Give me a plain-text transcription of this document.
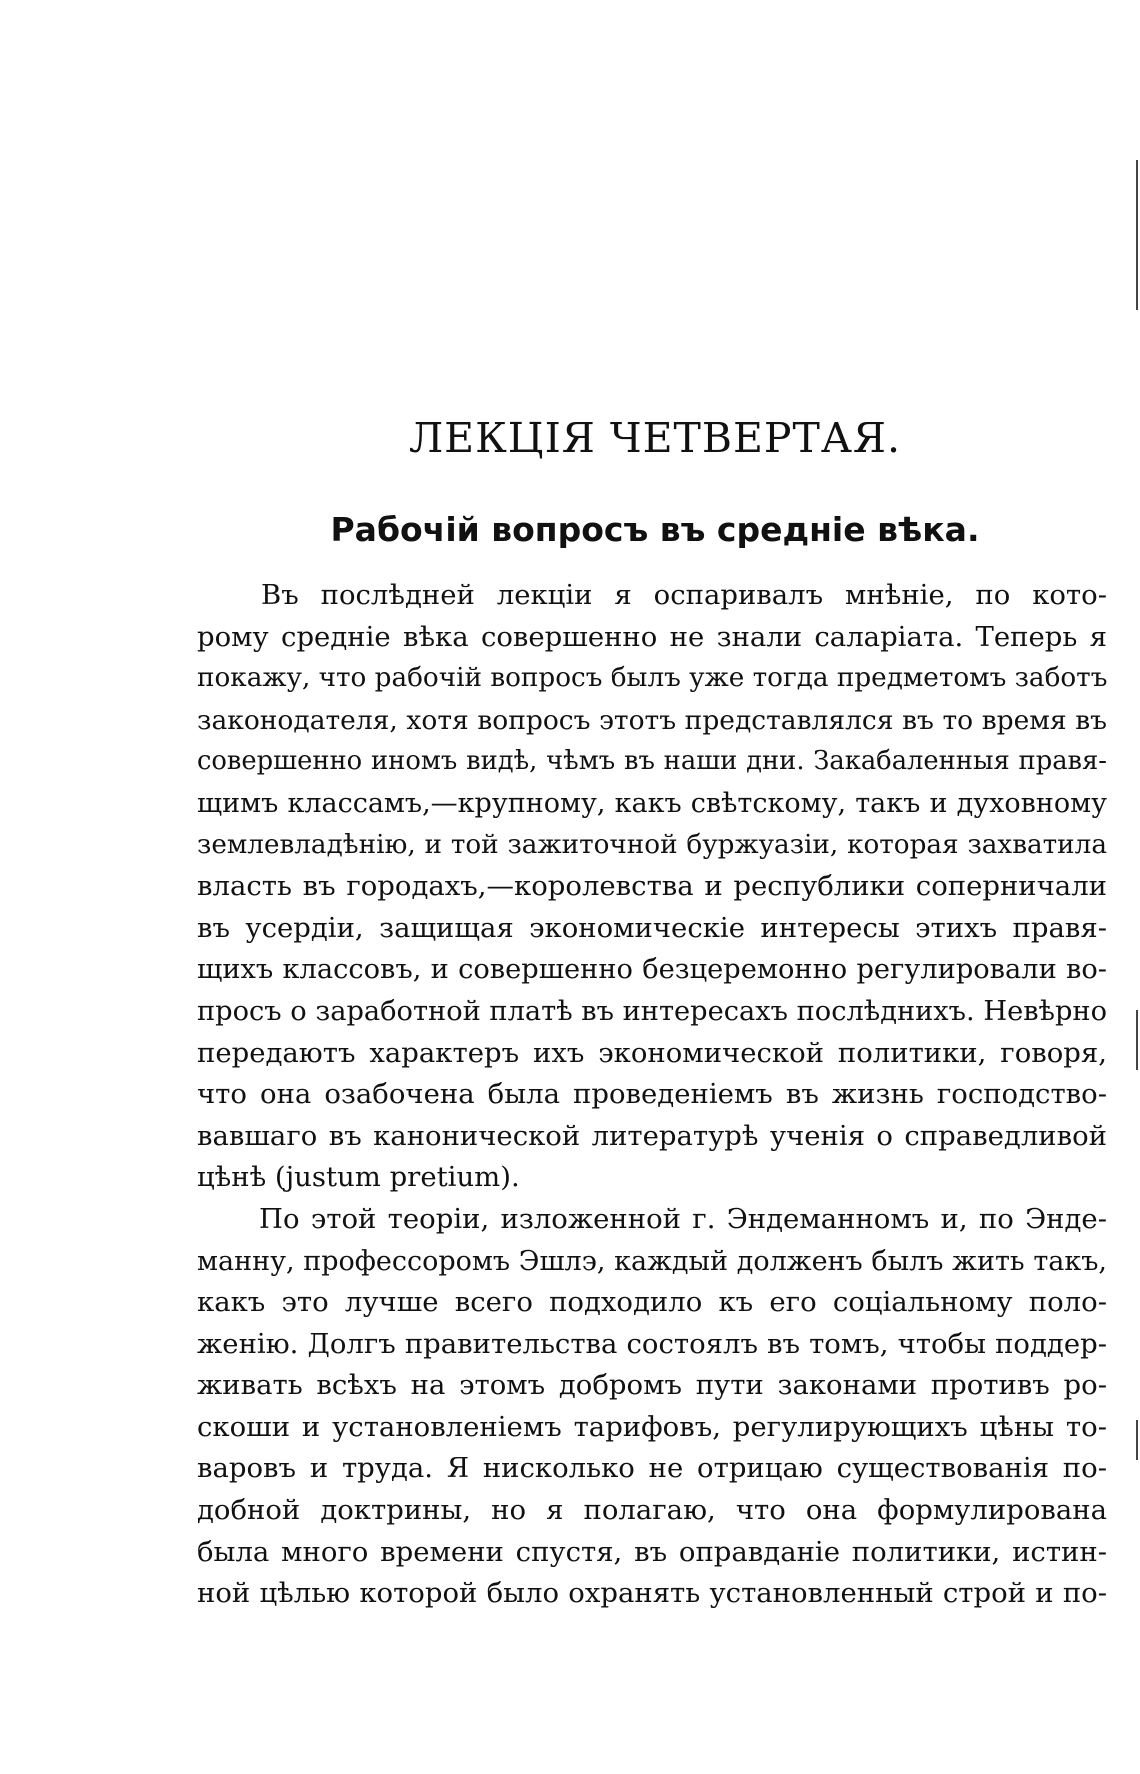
ЛЕКЦІЯ ЧЕТВЕРТАЯ.
Рабочій вопросъ въ средніе вѣка.
Въ послѣдней лекціи я оспаривалъ мнѣніе, по кото-
рому средніе вѣка совершенно не знали саларіата. Теперь я
покажу, что рабочій вопросъ былъ уже тогда предметомъ заботъ
законодателя, хотя вопросъ этотъ представлялся въ то время въ
совершенно иномъ видѣ, чѣмъ въ наши дни. Закабаленныя правя-
щимъ классамъ,—крупному, какъ свѣтскому, такъ и духовному
землевладѣнію, и той зажиточной буржуазіи, которая захватила
власть въ городахъ,—королевства и республики соперничали
въ усердіи, защищая экономическіе интересы этихъ правя-
щихъ классовъ, и совершенно безцеремонно регулировали во-
просъ о заработной платѣ въ интересахъ послѣднихъ. Невѣрно
передаютъ характеръ ихъ экономической политики, говоря,
что она озабочена была проведеніемъ въ жизнь господство-
вавшаго въ канонической литературѣ ученія о справедливой
цѣнѣ (justum pretium).
По этой теоріи, изложенной г. Эндеманномъ и, по Энде-
манну, профессоромъ Эшлэ, каждый долженъ былъ жить такъ,
какъ это лучше всего подходило къ его соціальному поло-
женію. Долгъ правительства состоялъ въ томъ, чтобы поддер-
живать всѣхъ на этомъ добромъ пути законами противъ ро-
скоши и установленіемъ тарифовъ, регулирующихъ цѣны то-
варовъ и труда. Я нисколько не отрицаю существованія по-
добной доктрины, но я полагаю, что она формулирована
была много времени спустя, въ оправданіе политики, истин-
ной цѣлью которой было охранять установленный строй и по-
